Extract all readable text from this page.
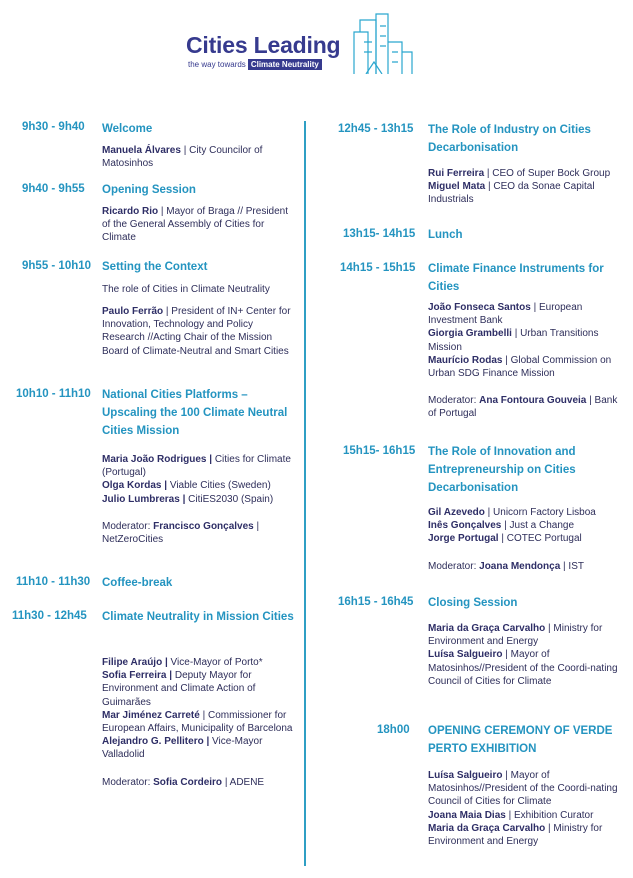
Cities Leading
the way towards Climate Neutrality
9h30 - 9h40 Welcome
Manuela Álvares | City Councilor of Matosinhos
9h40 - 9h55 Opening Session
Ricardo Rio | Mayor of Braga // President of the General Assembly of Cities for Climate
9h55 - 10h10 Setting the Context
The role of Cities in Climate Neutrality
Paulo Ferrão | President of IN+ Center for Innovation, Technology and Policy Research //Acting Chair of the Mission Board of Climate-Neutral and Smart Cities
10h10 - 11h10 National Cities Platforms – Upscaling the 100 Climate Neutral Cities Mission
Maria João Rodrigues | Cities for Climate (Portugal)
Olga Kordas | Viable Cities (Sweden)
Julio Lumbreras | CitiES2030 (Spain)
Moderator: Francisco Gonçalves | NetZeroCities
11h10 - 11h30 Coffee-break
11h30 - 12h45 Climate Neutrality in Mission Cities
Filipe Araújo | Vice-Mayor of Porto*
Sofia Ferreira | Deputy Mayor for Environment and Climate Action of Guimarães
Mar Jiménez Carreté | Commissioner for European Affairs, Municipality of Barcelona
Alejandro G. Pellitero | Vice-Mayor Valladolid
Moderator: Sofia Cordeiro | ADENE
12h45 - 13h15 The Role of Industry on Cities Decarbonisation
Rui Ferreira | CEO of Super Bock Group
Miguel Mata | CEO da Sonae Capital Industrials
13h15- 14h15 Lunch
14h15 - 15h15 Climate Finance Instruments for Cities
João Fonseca Santos | European Investment Bank
Giorgia Grambelli | Urban Transitions Mission
Maurício Rodas | Global Commission on Urban SDG Finance Mission
Moderator: Ana Fontoura Gouveia | Bank of Portugal
15h15- 16h15 The Role of Innovation and Entrepreneurship on Cities Decarbonisation
Gil Azevedo | Unicorn Factory Lisboa
Inês Gonçalves | Just a Change
Jorge Portugal | COTEC Portugal
Moderator: Joana Mendonça | IST
16h15 - 16h45 Closing Session
Maria da Graça Carvalho | Ministry for Environment and Energy
Luísa Salgueiro | Mayor of Matosinhos//President of the Coordi-nating Council of Cities for Climate
18h00 OPENING CEREMONY OF VERDE PERTO EXHIBITION
Luísa Salgueiro | Mayor of Matosinhos//President of the Coordi-nating Council of Cities for Climate
Joana Maia Dias | Exhibition Curator
Maria da Graça Carvalho | Ministry for Environment and Energy
